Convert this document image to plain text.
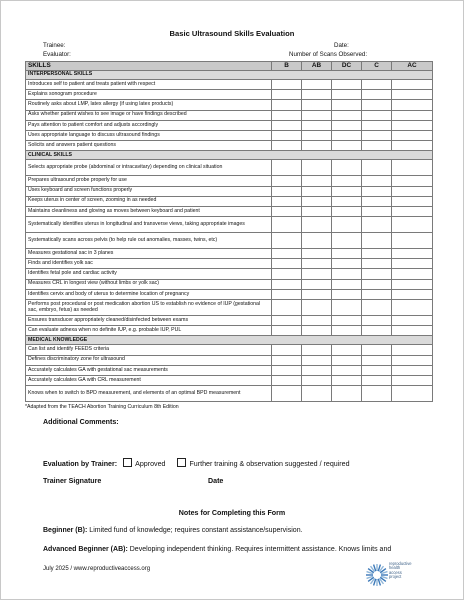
Basic Ultrasound Skills Evaluation
Trainee:	Date:
Evaluator:	Number of Scans Observed:
SKILLS	B	AB	DC	C	AC
INTERPERSONAL SKILLS					
Introduces self to patient and treats patient with respect					
Explains sonogram procedure					
Routinely asks about LMP, latex allergy (if using latex products)					
Asks whether patient wishes to see image or have findings described					
Pays attention to patient comfort and adjusts accordingly					
Uses appropriate language to discuss ultrasound findings					
Solicits and answers patient questions					
CLINICAL SKILLS					
Selects appropriate probe (abdominal or intracavitary) depending on clinical situation					
Prepares ultrasound probe properly for use					
Uses keyboard and screen functions properly					
Keeps uterus in center of screen, zooming in as needed					
Maintains cleanliness and gloving as moves between keyboard and patient					
Systematically identifies uterus in longitudinal and transverse views, taking appropriate images					
Systematically scans across pelvis (to help rule out anomalies, masses, twins, etc)					
Measures gestational sac in 3 planes					
Finds and identifies yolk sac					
Identifies fetal pole and cardiac activity					
Measures CRL in longest view (without limbs or yolk sac)					
Identifies cervix and body of uterus to determine location of pregnancy					
Performs post procedural or post medication abortion US to establish no evidence of IUP (gestational sac, embryo, fetus) as needed					
Ensures transducer appropriately cleaned/disinfected between exams					
Can evaluate adnexa when no definite IUP, e.g. probable IUP, PUL					
MEDICAL KNOWLEDGE					
Can list and identify FEEDS criteria					
Defines discriminatory zone for ultrasound					
Accurately calculates GA with gestational sac measurements					
Accurately calculates GA with CRL measurement					
Knows when to switch to BPD measurement, and elements of an optimal BPD measurement					
*Adapted from the TEACH Abortion Training Curriculum 8th Edition
Additional Comments:
Evaluation by Trainer:	Approved	Further training & observation suggested / required
Trainer Signature	Date
Notes for Completing this Form
Beginner (B): Limited fund of knowledge; requires constant assistance/supervision.
Advanced Beginner (AB): Developing independent thinking. Requires intermittent assistance. Knows limits and
July 2025 / www.reproductiveaccess.org
reproductive
health
access
project
